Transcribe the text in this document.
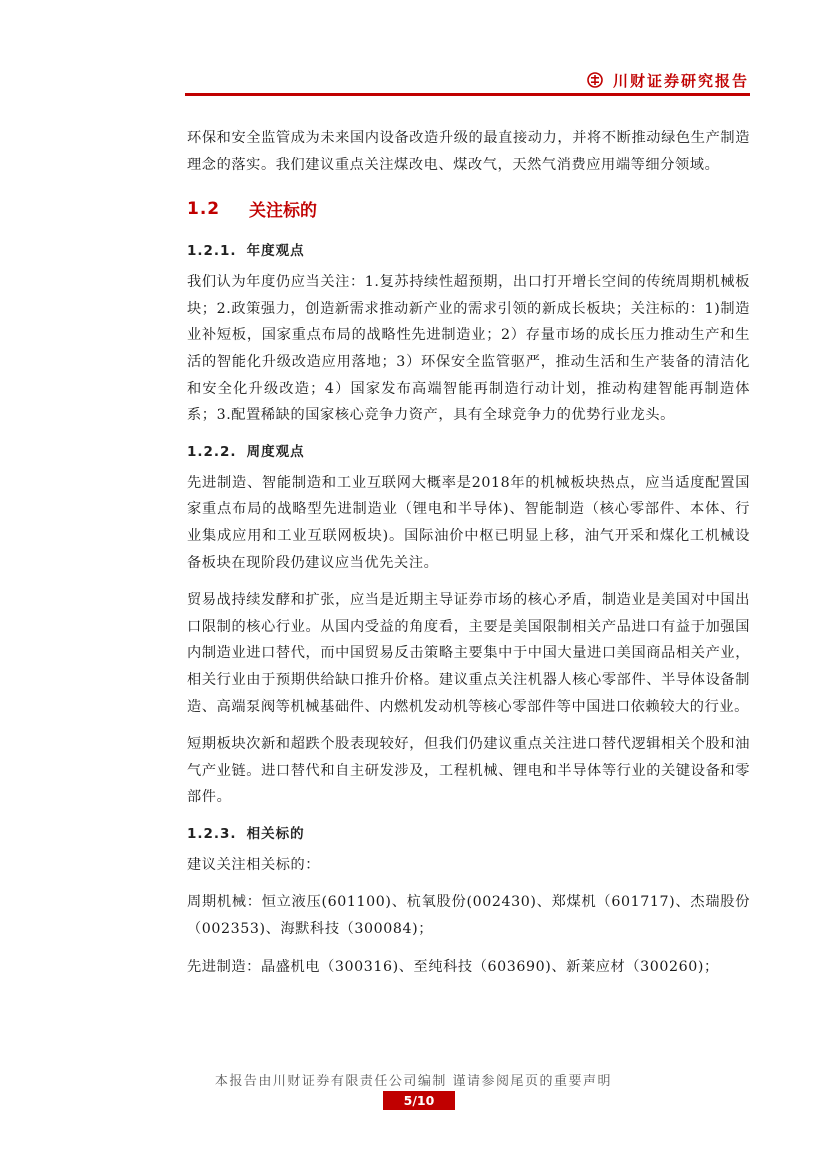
川财证券研究报告

环保和安全监管成为未来国内设备改造升级的最直接动力，并将不断推动绿色生产制造理念的落实。我们建议重点关注煤改电、煤改气，天然气消费应用端等细分领域。

1.2	关注标的
1.2.1. 年度观点

我们认为年度仍应当关注：1.复苏持续性超预期，出口打开增长空间的传统周期机械板块；2.政策强力，创造新需求推动新产业的需求引领的新成长板块；关注标的：1)制造业补短板，国家重点布局的战略性先进制造业；2）存量市场的成长压力推动生产和生活的智能化升级改造应用落地；3）环保安全监管驱严，推动生活和生产装备的清洁化和安全化升级改造；4）国家发布高端智能再制造行动计划，推动构建智能再制造体系；3.配置稀缺的国家核心竞争力资产，具有全球竞争力的优势行业龙头。

1.2.2. 周度观点

先进制造、智能制造和工业互联网大概率是2018年的机械板块热点，应当适度配置国家重点布局的战略型先进制造业（锂电和半导体)、智能制造（核心零部件、本体、行业集成应用和工业互联网板块)。国际油价中枢已明显上移，油气开采和煤化工机械设备板块在现阶段仍建议应当优先关注。

贸易战持续发酵和扩张，应当是近期主导证券市场的核心矛盾，制造业是美国对中国出口限制的核心行业。从国内受益的角度看，主要是美国限制相关产品进口有益于加强国内制造业进口替代，而中国贸易反击策略主要集中于中国大量进口美国商品相关产业，相关行业由于预期供给缺口推升价格。建议重点关注机器人核心零部件、半导体设备制造、高端泵阀等机械基础件、内燃机发动机等核心零部件等中国进口依赖较大的行业。

短期板块次新和超跌个股表现较好，但我们仍建议重点关注进口替代逻辑相关个股和油气产业链。进口替代和自主研发涉及，工程机械、锂电和半导体等行业的关键设备和零部件。

1.2.3. 相关标的

建议关注相关标的：

周期机械：恒立液压(601100)、杭氧股份(002430)、郑煤机（601717)、杰瑞股份（002353)、海默科技（300084)；

先进制造：晶盛机电（300316)、至纯科技（603690)、新莱应材（300260)；

本报告由川财证券有限责任公司编制 谨请参阅尾页的重要声明
5/10
